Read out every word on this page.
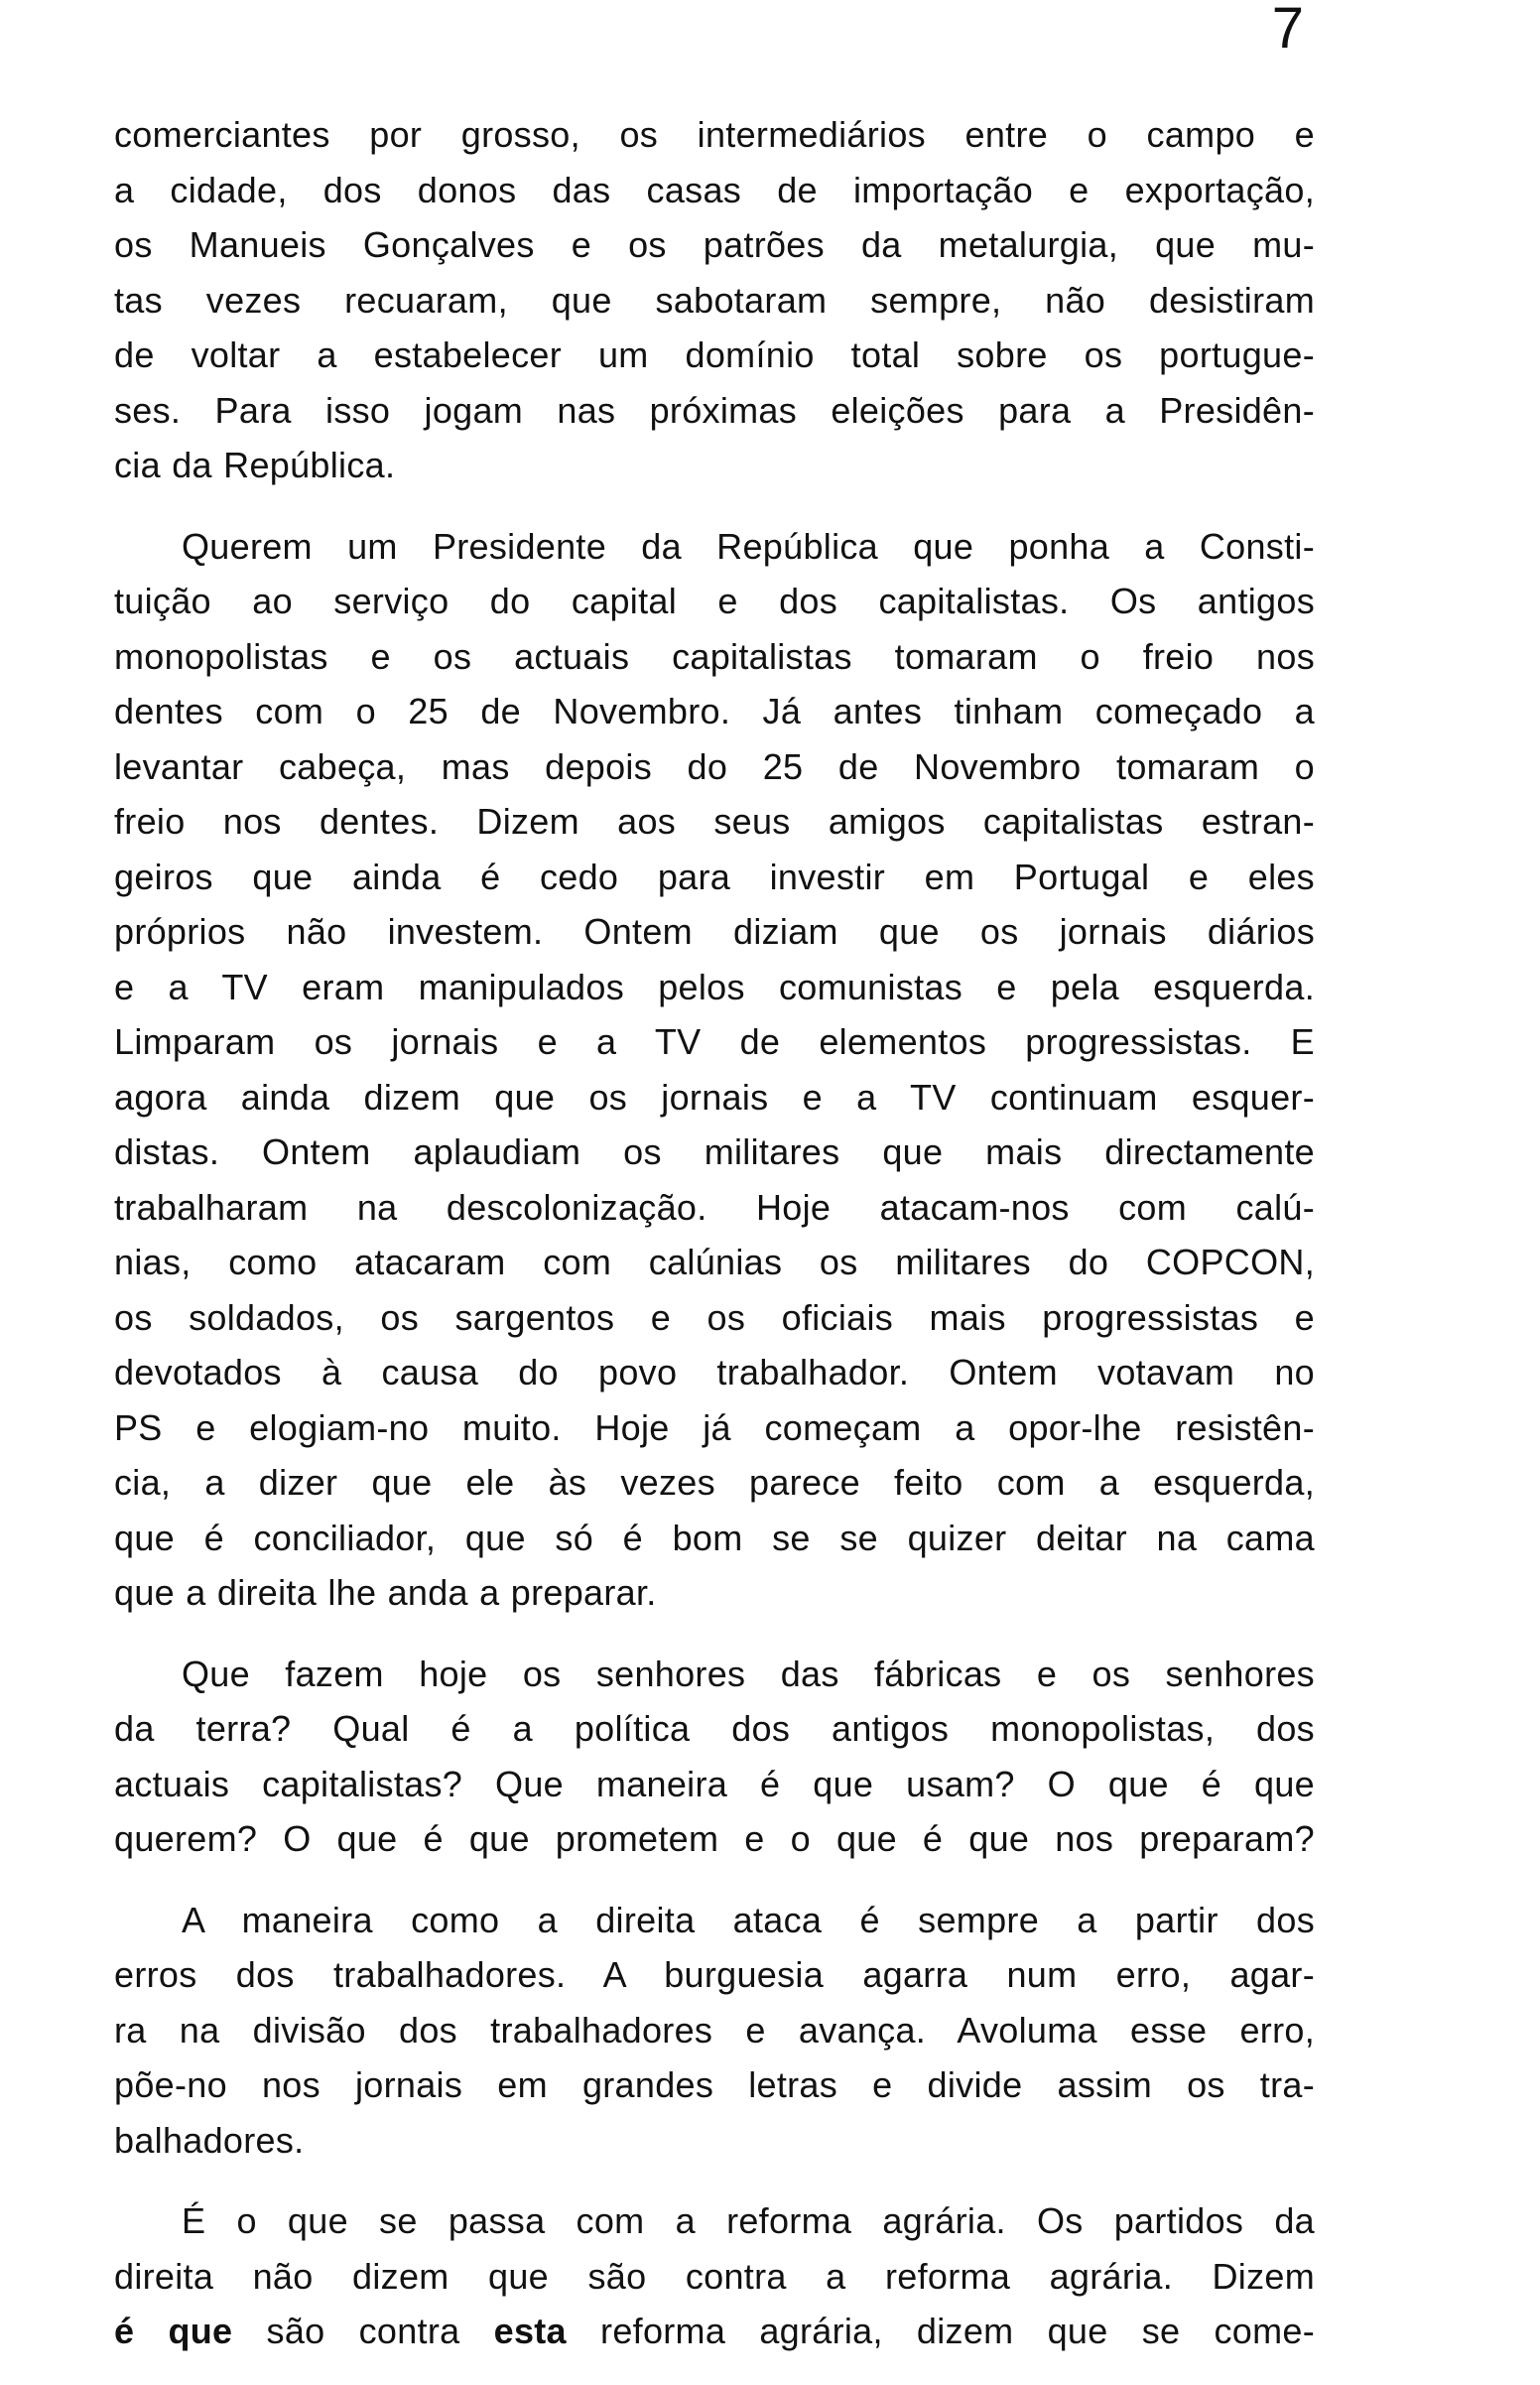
7

comerciantes por grosso, os intermediários entre o campo e
a cidade, dos donos das casas de importação e exportação,
os Manueis Gonçalves e os patrões da metalurgia, que mu-
tas vezes recuaram, que sabotaram sempre, não desistiram
de voltar a estabelecer um domínio total sobre os portugue-
ses. Para isso jogam nas próximas eleições para a Presidên-
cia da República.

Querem um Presidente da República que ponha a Consti-
tuição ao serviço do capital e dos capitalistas. Os antigos
monopolistas e os actuais capitalistas tomaram o freio nos
dentes com o 25 de Novembro. Já antes tinham começado a
levantar cabeça, mas depois do 25 de Novembro tomaram o
freio nos dentes. Dizem aos seus amigos capitalistas estran-
geiros que ainda é cedo para investir em Portugal e eles
próprios não investem. Ontem diziam que os jornais diários
e a TV eram manipulados pelos comunistas e pela esquerda.
Limparam os jornais e a TV de elementos progressistas. E
agora ainda dizem que os jornais e a TV continuam esquer-
distas. Ontem aplaudiam os militares que mais directamente
trabalharam na descolonização. Hoje atacam-nos com calú-
nias, como atacaram com calúnias os militares do COPCON,
os soldados, os sargentos e os oficiais mais progressistas e
devotados à causa do povo trabalhador. Ontem votavam no
PS e elogiam-no muito. Hoje já começam a opor-lhe resistên-
cia, a dizer que ele às vezes parece feito com a esquerda,
que é conciliador, que só é bom se se quizer deitar na cama
que a direita lhe anda a preparar.

Que fazem hoje os senhores das fábricas e os senhores
da terra? Qual é a política dos antigos monopolistas, dos
actuais capitalistas? Que maneira é que usam? O que é que
querem? O que é que prometem e o que é que nos preparam?

A maneira como a direita ataca é sempre a partir dos
erros dos trabalhadores. A burguesia agarra num erro, agar-
ra na divisão dos trabalhadores e avança. Avoluma esse erro,
põe-no nos jornais em grandes letras e divide assim os tra-
balhadores.

É o que se passa com a reforma agrária. Os partidos da
direita não dizem que são contra a reforma agrária. Dizem
é que são contra esta reforma agrária, dizem que se come-
